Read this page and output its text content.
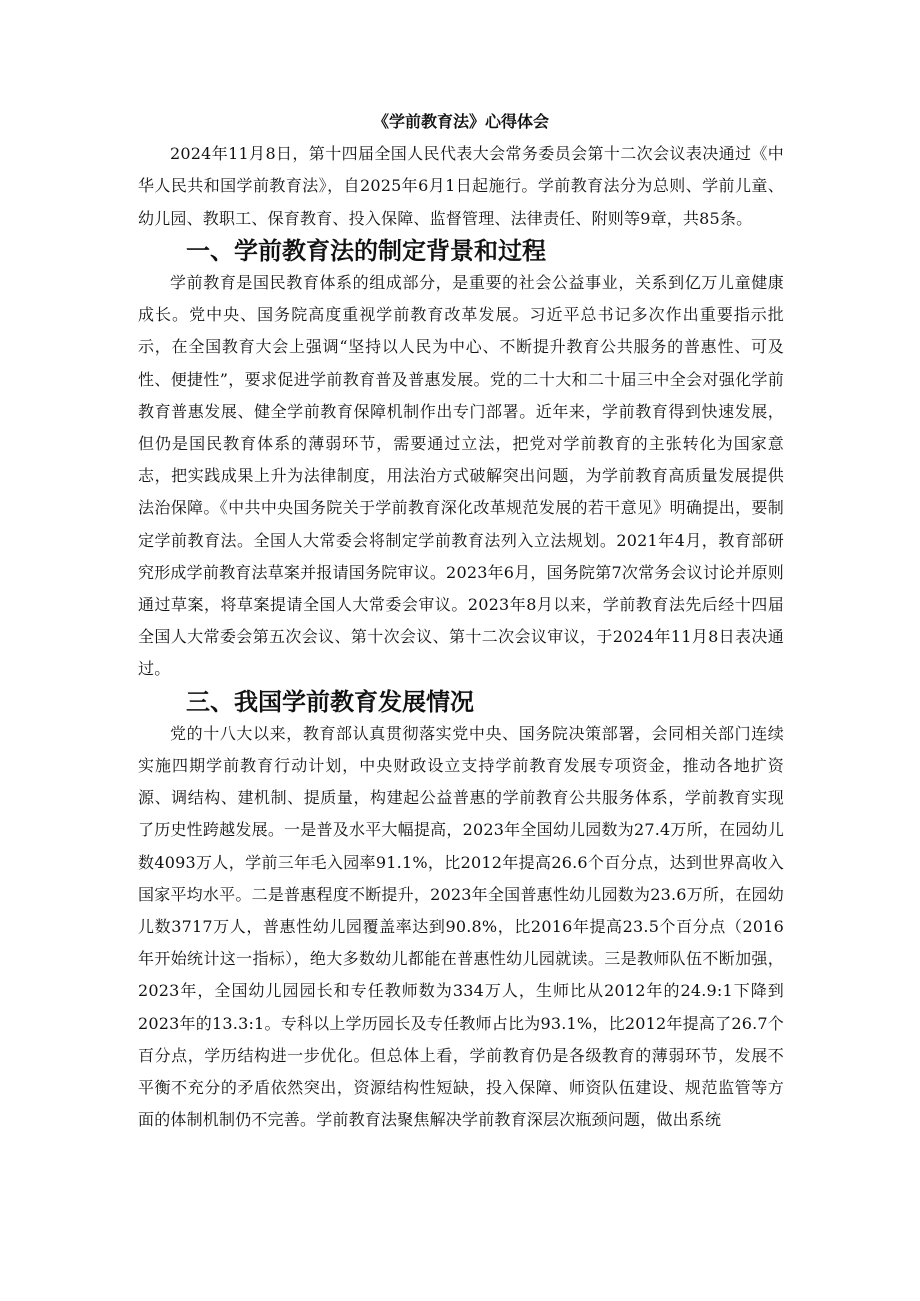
《学前教育法》心得体会

2024年11月8日，第十四届全国人民代表大会常务委员会第十二次会议表决通过《中华人民共和国学前教育法》，自2025年6月1日起施行。学前教育法分为总则、学前儿童、幼儿园、教职工、保育教育、投入保障、监督管理、法律责任、附则等9章，共85条。

一、学前教育法的制定背景和过程

学前教育是国民教育体系的组成部分，是重要的社会公益事业，关系到亿万儿童健康成长。党中央、国务院高度重视学前教育改革发展。习近平总书记多次作出重要指示批示，在全国教育大会上强调“坚持以人民为中心、不断提升教育公共服务的普惠性、可及性、便捷性”，要求促进学前教育普及普惠发展。党的二十大和二十届三中全会对强化学前教育普惠发展、健全学前教育保障机制作出专门部署。近年来，学前教育得到快速发展，但仍是国民教育体系的薄弱环节，需要通过立法，把党对学前教育的主张转化为国家意志，把实践成果上升为法律制度，用法治方式破解突出问题，为学前教育高质量发展提供法治保障。《中共中央国务院关于学前教育深化改革规范发展的若干意见》明确提出，要制定学前教育法。全国人大常委会将制定学前教育法列入立法规划。2021年4月，教育部研究形成学前教育法草案并报请国务院审议。2023年6月，国务院第7次常务会议讨论并原则通过草案，将草案提请全国人大常委会审议。2023年8月以来，学前教育法先后经十四届全国人大常委会第五次会议、第十次会议、第十二次会议审议，于2024年11月8日表决通过。

三、我国学前教育发展情况

党的十八大以来，教育部认真贯彻落实党中央、国务院决策部署，会同相关部门连续实施四期学前教育行动计划，中央财政设立支持学前教育发展专项资金，推动各地扩资源、调结构、建机制、提质量，构建起公益普惠的学前教育公共服务体系，学前教育实现了历史性跨越发展。一是普及水平大幅提高，2023年全国幼儿园数为27.4万所，在园幼儿数4093万人，学前三年毛入园率91.1%，比2012年提高26.6个百分点，达到世界高收入国家平均水平。二是普惠程度不断提升，2023年全国普惠性幼儿园数为23.6万所，在园幼儿数3717万人，普惠性幼儿园覆盖率达到90.8%，比2016年提高23.5个百分点（2016年开始统计这一指标），绝大多数幼儿都能在普惠性幼儿园就读。三是教师队伍不断加强，2023年，全国幼儿园园长和专任教师数为334万人，生师比从2012年的24.9:1下降到2023年的13.3:1。专科以上学历园长及专任教师占比为93.1%，比2012年提高了26.7个百分点，学历结构进一步优化。但总体上看，学前教育仍是各级教育的薄弱环节，发展不平衡不充分的矛盾依然突出，资源结构性短缺，投入保障、师资队伍建设、规范监管等方面的体制机制仍不完善。学前教育法聚焦解决学前教育深层次瓶颈问题，做出系统
